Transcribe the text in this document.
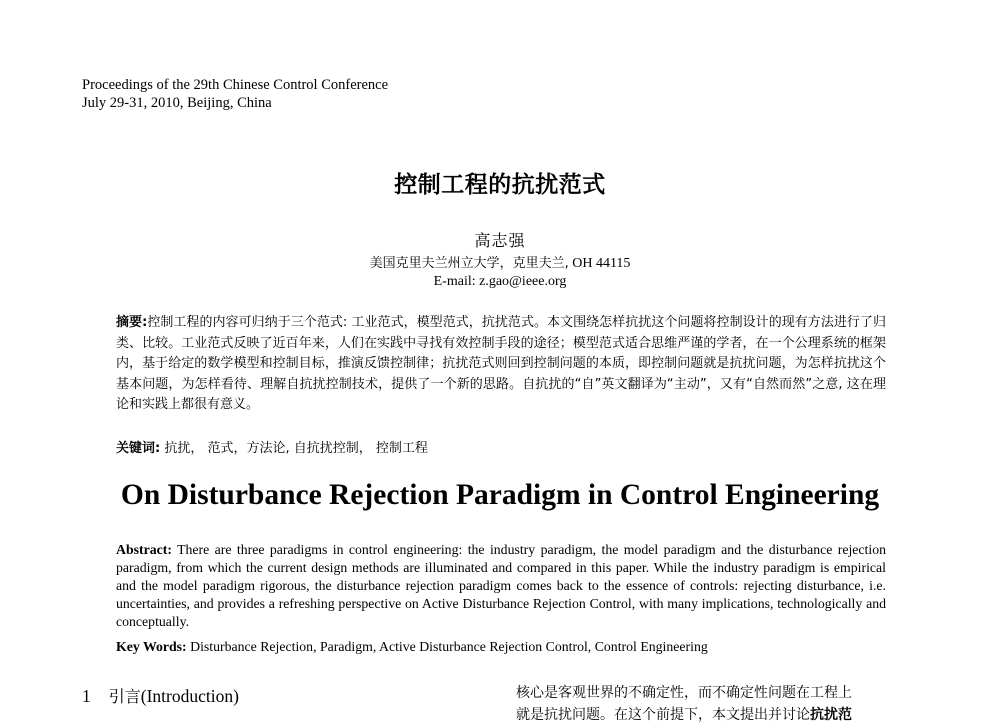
Proceedings of the 29th Chinese Control Conference
July 29-31, 2010, Beijing, China
控制工程的抗扰范式
高志强
美国克里夫兰州立大学，克里夫兰, OH 44115
E-mail: z.gao@ieee.org
摘要:控制工程的内容可归纳于三个范式: 工业范式，模型范式，抗扰范式。本文围绕怎样抗扰这个问题将控制设计的现有方法进行了归类、比较。工业范式反映了近百年来，人们在实践中寻找有效控制手段的途径；模型范式适合思维严谨的学者，在一个公理系统的框架内，基于给定的数学模型和控制目标，推演反馈控制律；抗扰范式则回到控制问题的本质，即控制问题就是抗扰问题，为怎样抗扰这个基本问题，为怎样看待、理解自抗扰控制技术，提供了一个新的思路。自抗扰的“自”英文翻译为“主动”，又有“自然而然”之意, 这在理论和实践上都很有意义。
关键词: 抗扰， 范式，方法论, 自抗扰控制， 控制工程
On Disturbance Rejection Paradigm in Control Engineering
Abstract: There are three paradigms in control engineering: the industry paradigm, the model paradigm and the disturbance rejection paradigm, from which the current design methods are illuminated and compared in this paper. While the industry paradigm is empirical and the model paradigm rigorous, the disturbance rejection paradigm comes back to the essence of controls: rejecting disturbance, i.e. uncertainties, and provides a refreshing perspective on Active Disturbance Rejection Control, with many implications, technologically and conceptually.
Key Words: Disturbance Rejection, Paradigm, Active Disturbance Rejection Control, Control Engineering
1 引言(Introduction)	核心是客观世界的不确定性，而不确定性问题在工程上
就是抗扰问题。在这个前提下，本文提出并讨论抗扰范
